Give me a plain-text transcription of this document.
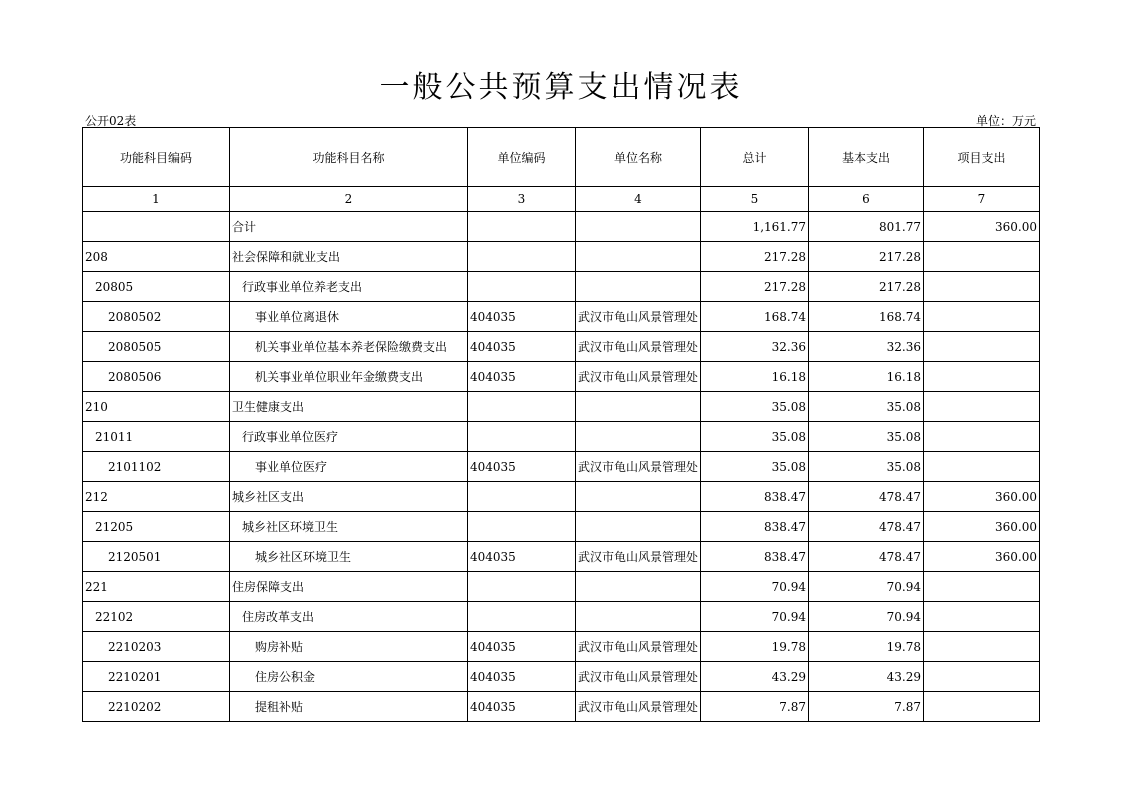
一般公共预算支出情况表
公开02表	单位：万元
功能科目编码	功能科目名称	单位编码	单位名称	总计	基本支出	项目支出
1	2	3	4	5	6	7
	合计			1,161.77	801.77	360.00
208	社会保障和就业支出			217.28	217.28	
20805	行政事业单位养老支出			217.28	217.28	
2080502	事业单位离退休	404035	武汉市龟山风景管理处	168.74	168.74	
2080505	机关事业单位基本养老保险缴费支出	404035	武汉市龟山风景管理处	32.36	32.36	
2080506	机关事业单位职业年金缴费支出	404035	武汉市龟山风景管理处	16.18	16.18	
210	卫生健康支出			35.08	35.08	
21011	行政事业单位医疗			35.08	35.08	
2101102	事业单位医疗	404035	武汉市龟山风景管理处	35.08	35.08	
212	城乡社区支出			838.47	478.47	360.00
21205	城乡社区环境卫生			838.47	478.47	360.00
2120501	城乡社区环境卫生	404035	武汉市龟山风景管理处	838.47	478.47	360.00
221	住房保障支出			70.94	70.94	
22102	住房改革支出			70.94	70.94	
2210203	购房补贴	404035	武汉市龟山风景管理处	19.78	19.78	
2210201	住房公积金	404035	武汉市龟山风景管理处	43.29	43.29	
2210202	提租补贴	404035	武汉市龟山风景管理处	7.87	7.87	
